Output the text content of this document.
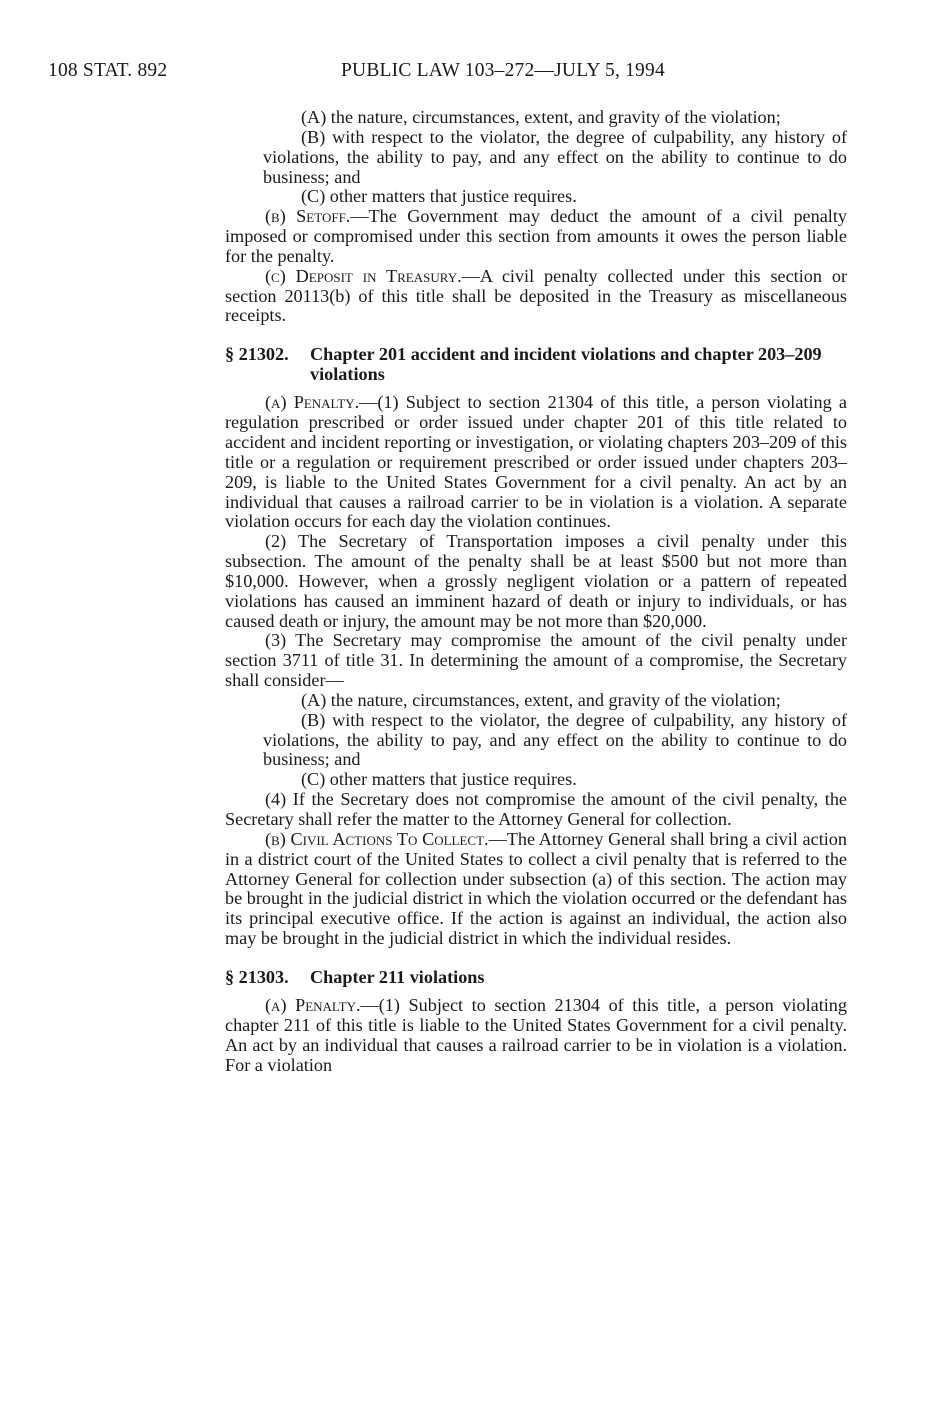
108 STAT. 892	PUBLIC LAW 103–272—JULY 5, 1994

(A) the nature, circumstances, extent, and gravity of the violation;

(B) with respect to the violator, the degree of culpability, any history of violations, the ability to pay, and any effect on the ability to continue to do business; and

(C) other matters that justice requires.

(b) Setoff.—The Government may deduct the amount of a civil penalty imposed or compromised under this section from amounts it owes the person liable for the penalty.

(c) Deposit in Treasury.—A civil penalty collected under this section or section 20113(b) of this title shall be deposited in the Treasury as miscellaneous receipts.

§ 21302. Chapter 201 accident and incident violations and chapter 203–209 violations

(a) Penalty.—(1) Subject to section 21304 of this title, a person violating a regulation prescribed or order issued under chapter 201 of this title related to accident and incident reporting or investigation, or violating chapters 203–209 of this title or a regulation or requirement prescribed or order issued under chapters 203–209, is liable to the United States Government for a civil penalty. An act by an individual that causes a railroad carrier to be in violation is a violation. A separate violation occurs for each day the violation continues.

(2) The Secretary of Transportation imposes a civil penalty under this subsection. The amount of the penalty shall be at least $500 but not more than $10,000. However, when a grossly negligent violation or a pattern of repeated violations has caused an imminent hazard of death or injury to individuals, or has caused death or injury, the amount may be not more than $20,000.

(3) The Secretary may compromise the amount of the civil penalty under section 3711 of title 31. In determining the amount of a compromise, the Secretary shall consider—

(A) the nature, circumstances, extent, and gravity of the violation;

(B) with respect to the violator, the degree of culpability, any history of violations, the ability to pay, and any effect on the ability to continue to do business; and

(C) other matters that justice requires.

(4) If the Secretary does not compromise the amount of the civil penalty, the Secretary shall refer the matter to the Attorney General for collection.

(b) Civil Actions To Collect.—The Attorney General shall bring a civil action in a district court of the United States to collect a civil penalty that is referred to the Attorney General for collection under subsection (a) of this section. The action may be brought in the judicial district in which the violation occurred or the defendant has its principal executive office. If the action is against an individual, the action also may be brought in the judicial district in which the individual resides.

§ 21303. Chapter 211 violations

(a) Penalty.—(1) Subject to section 21304 of this title, a person violating chapter 211 of this title is liable to the United States Government for a civil penalty. An act by an individual that causes a railroad carrier to be in violation is a violation. For a violation
